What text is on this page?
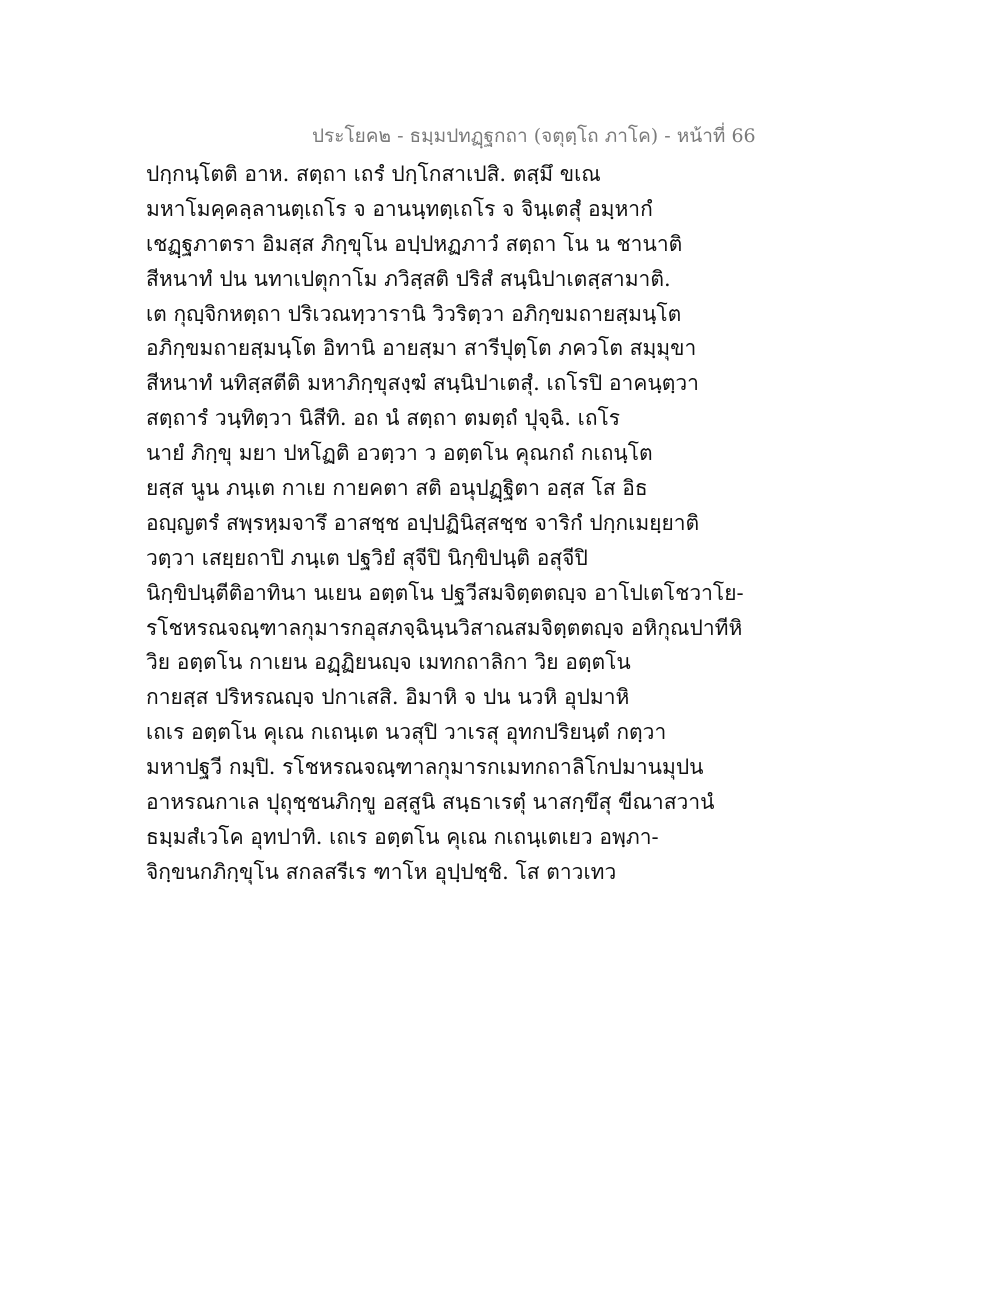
ประโยค๒ - ธมฺมปทฏฺฐกถา (จตุตฺโถ ภาโค) - หน้าที่ 66
ปกฺกนฺโตติ อาห. สตฺถา เถรํ ปกฺโกสาเปสิ. ตสฺมึ ขเณ
มหาโมคฺคลฺลานตฺเถโร จ อานนฺทตฺเถโร จ จินฺเตสุํ อมฺหากํ
เชฏฺฐภาตรา อิมสฺส ภิกฺขุโน อปฺปหฏภาวํ สตฺถา โน น ชานาติ
สีหนาทํ ปน นทาเปตุกาโม ภวิสฺสติ ปริสํ สนฺนิปาเตสฺสามาติ.
เต กุญฺจิกหตฺถา ปริเวณทฺวารานิ วิวริตฺวา อภิกฺขมถายสฺมนฺโต
อภิกฺขมถายสฺมนฺโต อิทานิ อายสฺมา สารีปุตฺโต ภควโต สมฺมุขา
สีหนาทํ นทิสฺสตีติ มหาภิกฺขุสงฺฆํ สนฺนิปาเตสุํ. เถโรปิ อาคนฺตฺวา
สตฺถารํ วนฺทิตฺวา นิสีทิ. อถ นํ สตฺถา ตมตฺถํ ปุจฺฉิ. เถโร
นายํ ภิกฺขุ มยา ปหโฏติ อวตฺวา ว อตฺตโน คุณกถํ กเถนฺโต
ยสฺส นูน ภนฺเต กาเย กายคตา สติ อนุปฏฺฐิตา อสฺส โส อิธ
อญฺญตรํ สพฺรหฺมจารึ อาสชฺช อปฺปฏินิสฺสชฺช จาริกํ ปกฺกเมยฺยาติ
วตฺวา เสยฺยถาปิ ภนฺเต ปฐวิยํ สุจีปิ นิกฺขิปนฺติ อสุจีปิ
นิกฺขิปนฺตีติอาทินา นเยน อตฺตโน ปฐวีสมจิตฺตตญฺจ อาโปเตโชวาโย-
รโชหรณจณฺฑาลกุมารกอุสภจฺฉินฺนวิสาณสมจิตฺตตญฺจ อหิกุณปาทีหิ
วิย อตฺตโน กาเยน อฏฺฏิยนญฺจ เมทกถาลิกา วิย อตฺตโน
กายสฺส ปริหรณญฺจ ปกาเสสิ. อิมาหิ จ ปน นวหิ อุปมาหิ
เถเร อตฺตโน คุเณ กเถนฺเต นวสุปิ วาเรสุ อุทกปริยนฺตํ กตฺวา
มหาปฐวี กมฺปิ. รโชหรณจณฺฑาลกุมารกเมทกถาลิโกปมานมุปน
อาหรณกาเล ปุถุชฺชนภิกฺขู อสฺสูนิ สนฺธาเรตุํ นาสกฺขึสุ ขีณาสวานํ
ธมฺมสํเวโค อุทปาทิ. เถเร อตฺตโน คุเณ กเถนฺเตเยว อพฺภา-
จิกฺขนกภิกฺขุโน สกลสรีเร ฑาโห อุปฺปชฺชิ. โส ตาวเทว
